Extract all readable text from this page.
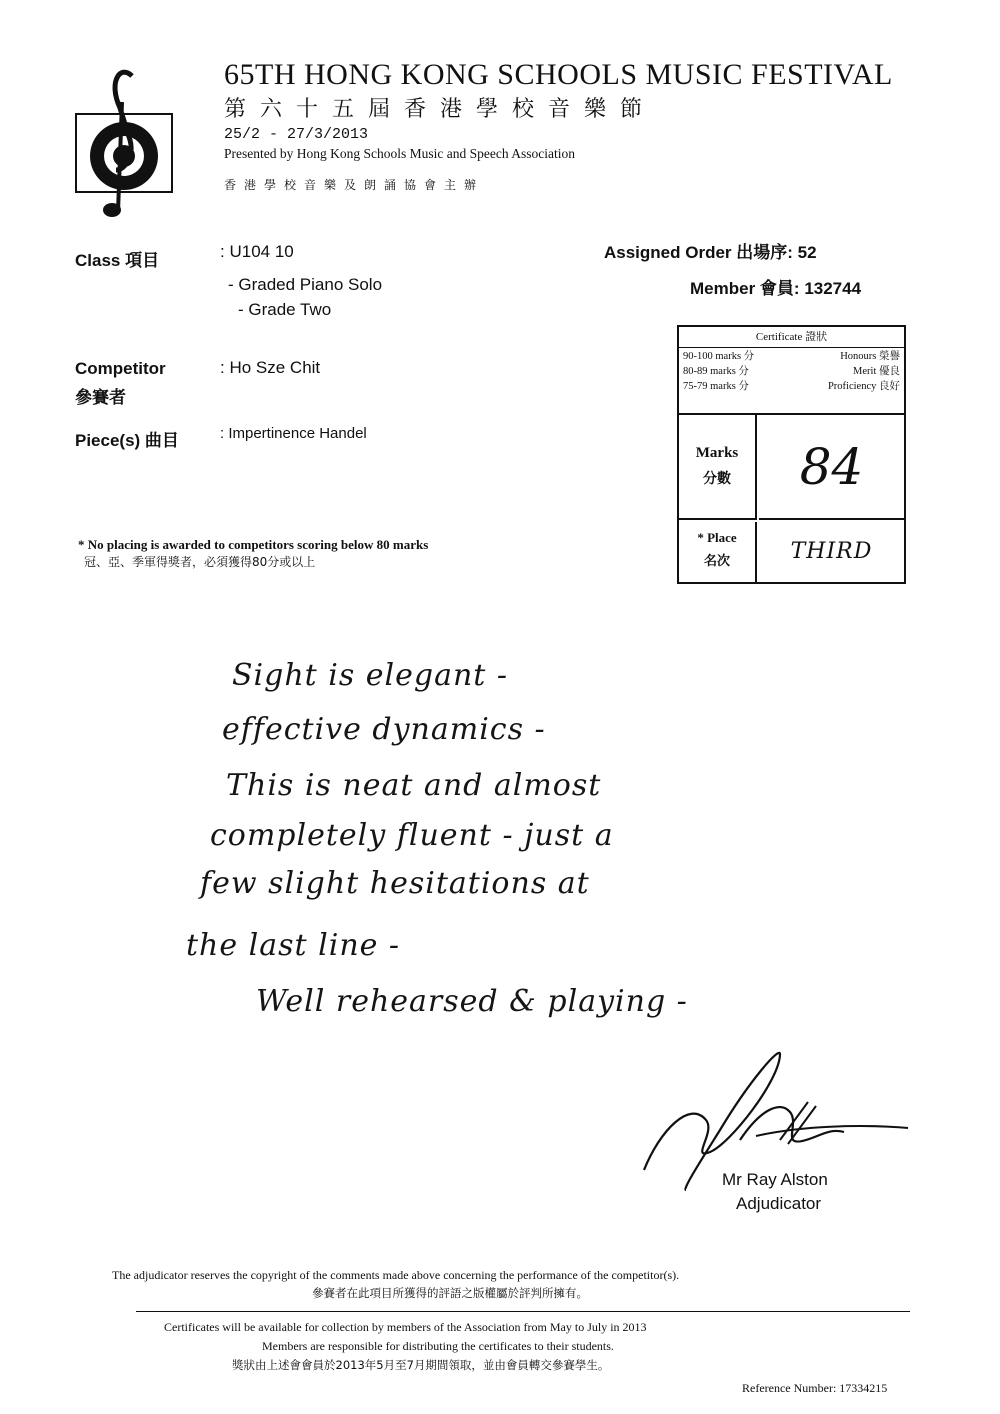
65TH HONG KONG SCHOOLS MUSIC FESTIVAL
第六十五屆香港學校音樂節
25/2 - 27/3/2013
Presented by Hong Kong Schools Music and Speech Association
香港學校音樂及朗誦協會主辦
Class 項目	: U104 10
- Graded Piano Solo
- Grade Two
Assigned Order 出場序: 52
Member 會員: 132744
Competitor
參賽者
: Ho Sze Chit
Piece(s) 曲目	: Impertinence Handel
Certificate 證狀
90-100 marks 分	Honours 榮譽
80-89 marks 分	Merit 優良
75-79 marks 分	Proficiency 良好
Marks
分數	84
* Place
名次	THIRD
* No placing is awarded to competitors scoring below 80 marks
冠、亞、季軍得獎者，必須獲得80分或以上
Sight is elegant -
effective dynamics -
This is neat and almost
completely fluent - just a
few slight hesitations at
the last line -
Well rehearsed & playing -
Mr Ray Alston
Adjudicator
The adjudicator reserves the copyright of the comments made above concerning the performance of the competitor(s).
參賽者在此項目所獲得的評語之版權屬於評判所擁有。
Certificates will be available for collection by members of the Association from May to July in 2013
Members are responsible for distributing the certificates to their students.
獎狀由上述會會員於2013年5月至7月期間領取，並由會員轉交參賽學生。
Reference Number: 17334215
